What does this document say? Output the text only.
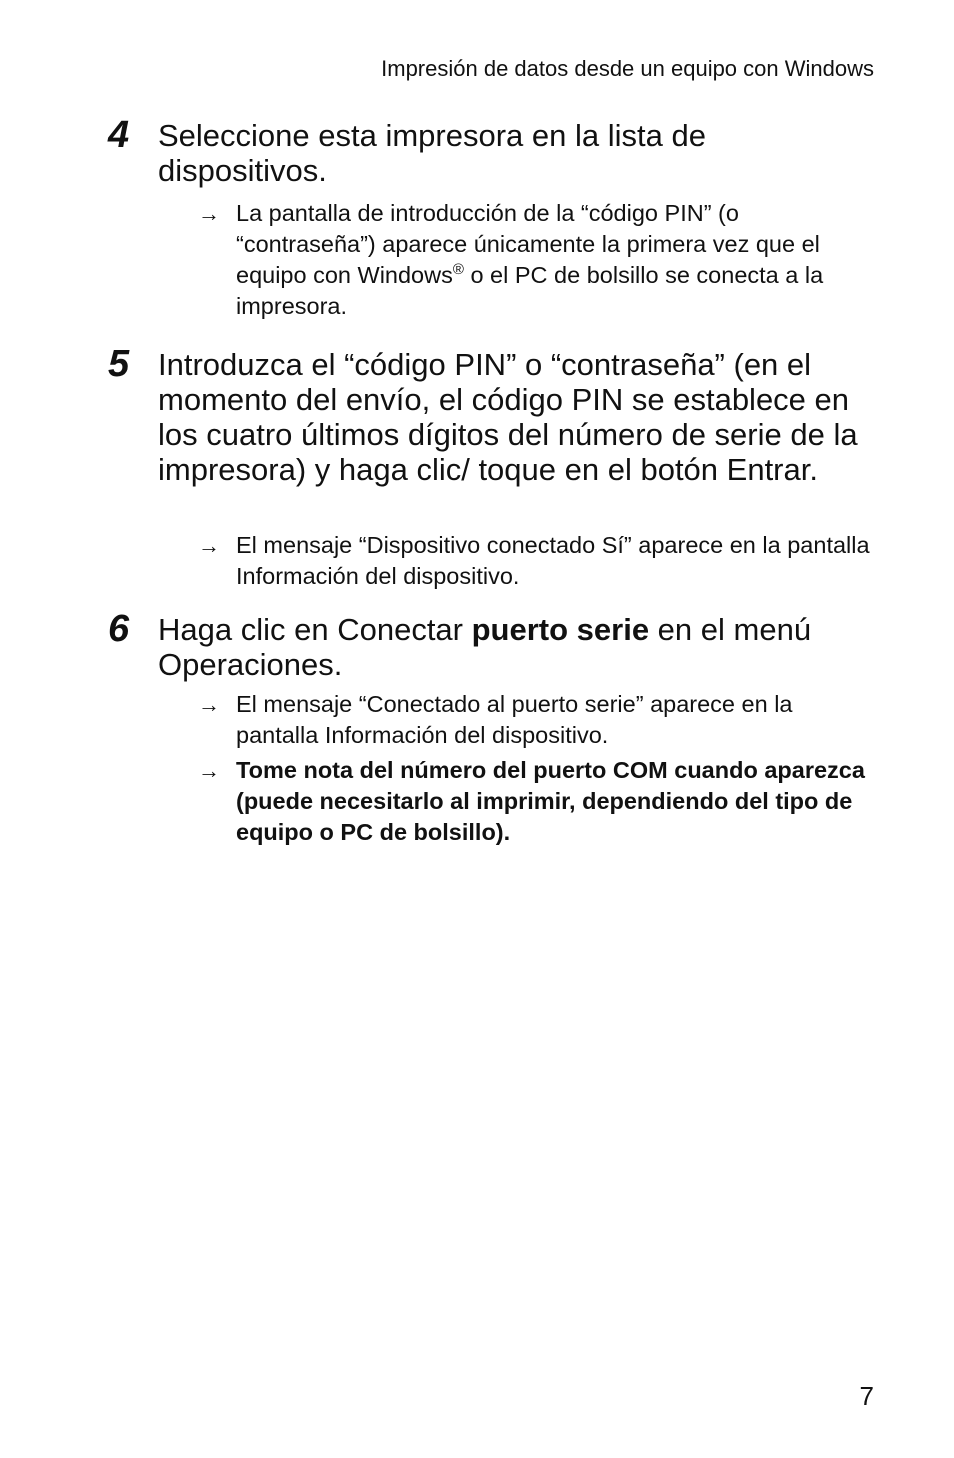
Impresión de datos desde un equipo con Windows
4 Seleccione esta impresora en la lista de dispositivos.
→ La pantalla de introducción de la “código PIN” (o “contraseña”) aparece únicamente la primera vez que el equipo con Windows® o el PC de bolsillo se conecta a la impresora.
5 Introduzca el “código PIN” o “contraseña” (en el momento del envío, el código PIN se establece en los cuatro últimos dígitos del número de serie de la impresora) y haga clic/ toque en el botón Entrar.
→ El mensaje “Dispositivo conectado Sí” aparece en la pantalla Información del dispositivo.
6 Haga clic en Conectar puerto serie en el menú Operaciones.
→ El mensaje “Conectado al puerto serie” aparece en la pantalla Información del dispositivo.
→ Tome nota del número del puerto COM cuando aparezca (puede necesitarlo al imprimir, dependiendo del tipo de equipo o PC de bolsillo).
7
